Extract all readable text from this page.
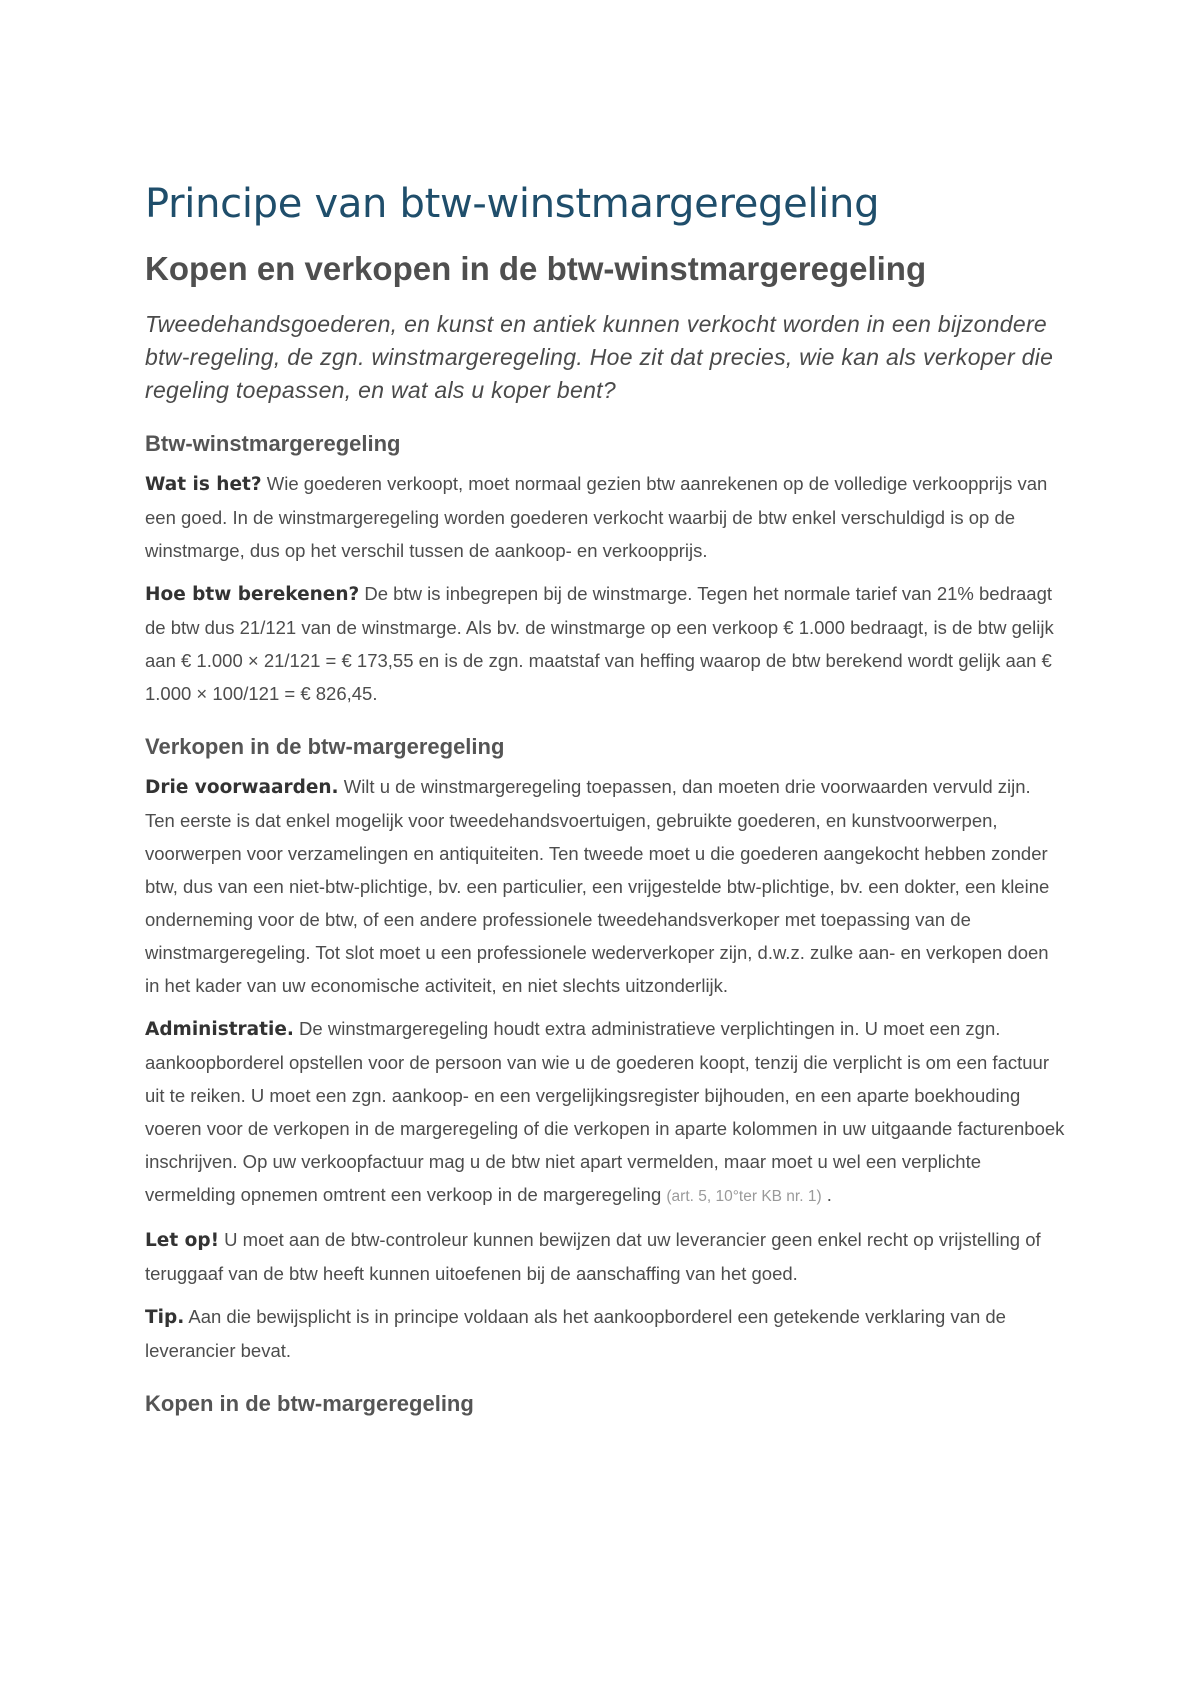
Principe van btw-winstmargeregeling
Kopen en verkopen in de btw-winstmargeregeling

Tweedehandsgoederen, en kunst en antiek kunnen verkocht worden in een bijzondere btw-regeling, de zgn. winstmargeregeling. Hoe zit dat precies, wie kan als verkoper die regeling toepassen, en wat als u koper bent?

Btw-winstmargeregeling

Wat is het? Wie goederen verkoopt, moet normaal gezien btw aanrekenen op de volledige verkoopprijs van een goed. In de winstmargeregeling worden goederen verkocht waarbij de btw enkel verschuldigd is op de winstmarge, dus op het verschil tussen de aankoop- en verkoopprijs.

Hoe btw berekenen? De btw is inbegrepen bij de winstmarge. Tegen het normale tarief van 21% bedraagt de btw dus 21/121 van de winstmarge. Als bv. de winstmarge op een verkoop € 1.000 bedraagt, is de btw gelijk aan € 1.000 × 21/121 = € 173,55 en is de zgn. maatstaf van heffing waarop de btw berekend wordt gelijk aan € 1.000 × 100/121 = € 826,45.

Verkopen in de btw-margeregeling

Drie voorwaarden. Wilt u de winstmargeregeling toepassen, dan moeten drie voorwaarden vervuld zijn. Ten eerste is dat enkel mogelijk voor tweedehandsvoertuigen, gebruikte goederen, en kunstvoorwerpen, voorwerpen voor verzamelingen en antiquiteiten. Ten tweede moet u die goederen aangekocht hebben zonder btw, dus van een niet-btw-plichtige, bv. een particulier, een vrijgestelde btw-plichtige, bv. een dokter, een kleine onderneming voor de btw, of een andere professionele tweedehandsverkoper met toepassing van de winstmargeregeling. Tot slot moet u een professionele wederverkoper zijn, d.w.z. zulke aan- en verkopen doen in het kader van uw economische activiteit, en niet slechts uitzonderlijk.

Administratie. De winstmargeregeling houdt extra administratieve verplichtingen in. U moet een zgn. aankoopborderel opstellen voor de persoon van wie u de goederen koopt, tenzij die verplicht is om een factuur uit te reiken. U moet een zgn. aankoop- en een vergelijkingsregister bijhouden, en een aparte boekhouding voeren voor de verkopen in de margeregeling of die verkopen in aparte kolommen in uw uitgaande facturenboek inschrijven. Op uw verkoopfactuur mag u de btw niet apart vermelden, maar moet u wel een verplichte vermelding opnemen omtrent een verkoop in de margeregeling (art. 5, 10°ter KB nr. 1) .

Let op! U moet aan de btw-controleur kunnen bewijzen dat uw leverancier geen enkel recht op vrijstelling of teruggaaf van de btw heeft kunnen uitoefenen bij de aanschaffing van het goed.

Tip. Aan die bewijsplicht is in principe voldaan als het aankoopborderel een getekende verklaring van de leverancier bevat.

Kopen in de btw-margeregeling
